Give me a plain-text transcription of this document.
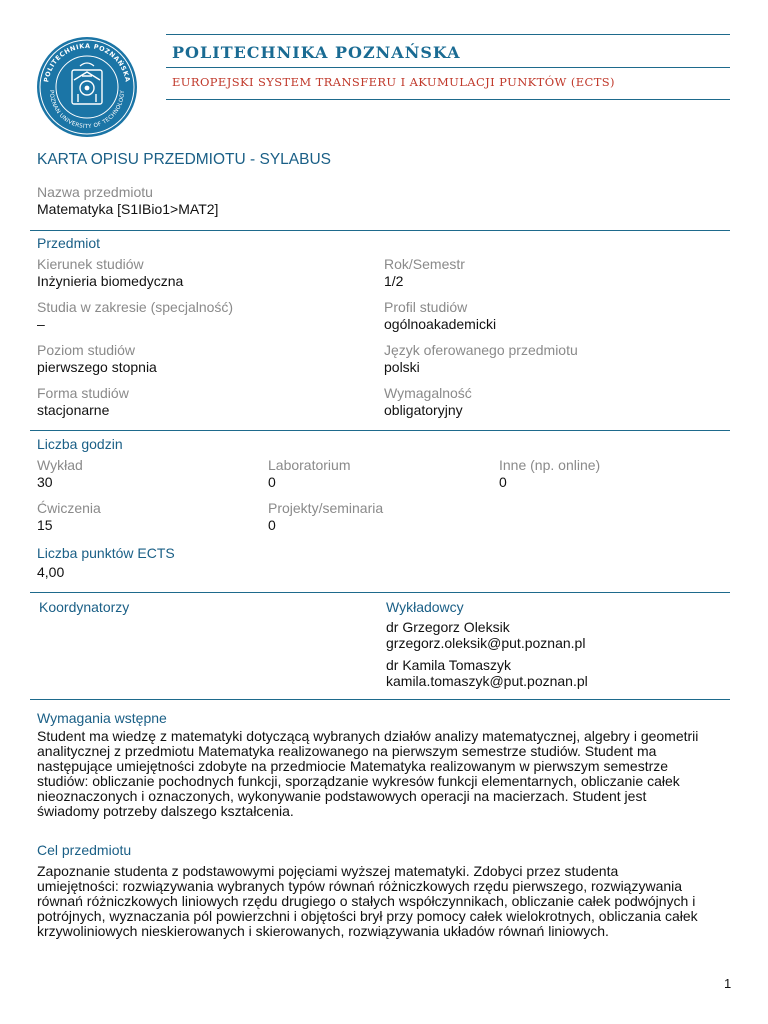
POLITECHNIKA POZNAŃSKA
POZNAN UNIVERSITY OF TECHNOLOGY
POLITECHNIKA POZNAŃSKA
EUROPEJSKI SYSTEM TRANSFERU I AKUMULACJI PUNKTÓW (ECTS)
KARTA OPISU PRZEDMIOTU - SYLABUS
Nazwa przedmiotu
Matematyka [S1IBio1>MAT2]
Przedmiot
Kierunek studiów
Inżynieria biomedyczna
Rok/Semestr
1/2
Studia w zakresie (specjalność)
–
Profil studiów
ogólnoakademicki
Poziom studiów
pierwszego stopnia
Język oferowanego przedmiotu
polski
Forma studiów
stacjonarne
Wymagalność
obligatoryjny
Liczba godzin
Wykład
30
Laboratorium
0
Inne (np. online)
0
Ćwiczenia
15
Projekty/seminaria
0
Liczba punktów ECTS
4,00
Koordynatorzy	Wykładowcy
dr Grzegorz Oleksik
grzegorz.oleksik@put.poznan.pl
dr Kamila Tomaszyk
kamila.tomaszyk@put.poznan.pl
Wymagania wstępne
Student ma wiedzę z matematyki dotyczącą wybranych działów analizy matematycznej, algebry i geometrii
analitycznej z przedmiotu Matematyka realizowanego na pierwszym semestrze studiów. Student ma
następujące umiejętności zdobyte na przedmiocie Matematyka realizowanym w pierwszym semestrze
studiów: obliczanie pochodnych funkcji, sporządzanie wykresów funkcji elementarnych, obliczanie całek
nieoznaczonych i oznaczonych, wykonywanie podstawowych operacji na macierzach. Student jest
świadomy potrzeby dalszego kształcenia.
Cel przedmiotu
Zapoznanie studenta z podstawowymi pojęciami wyższej matematyki. Zdobyci przez studenta
umiejętności: rozwiązywania wybranych typów równań różniczkowych rzędu pierwszego, rozwiązywania
równań różniczkowych liniowych rzędu drugiego o stałych współczynnikach, obliczanie całek podwójnych i
potrójnych, wyznaczania pól powierzchni i objętości brył przy pomocy całek wielokrotnych, obliczania całek
krzywoliniowych nieskierowanych i skierowanych, rozwiązywania układów równań liniowych.
1
